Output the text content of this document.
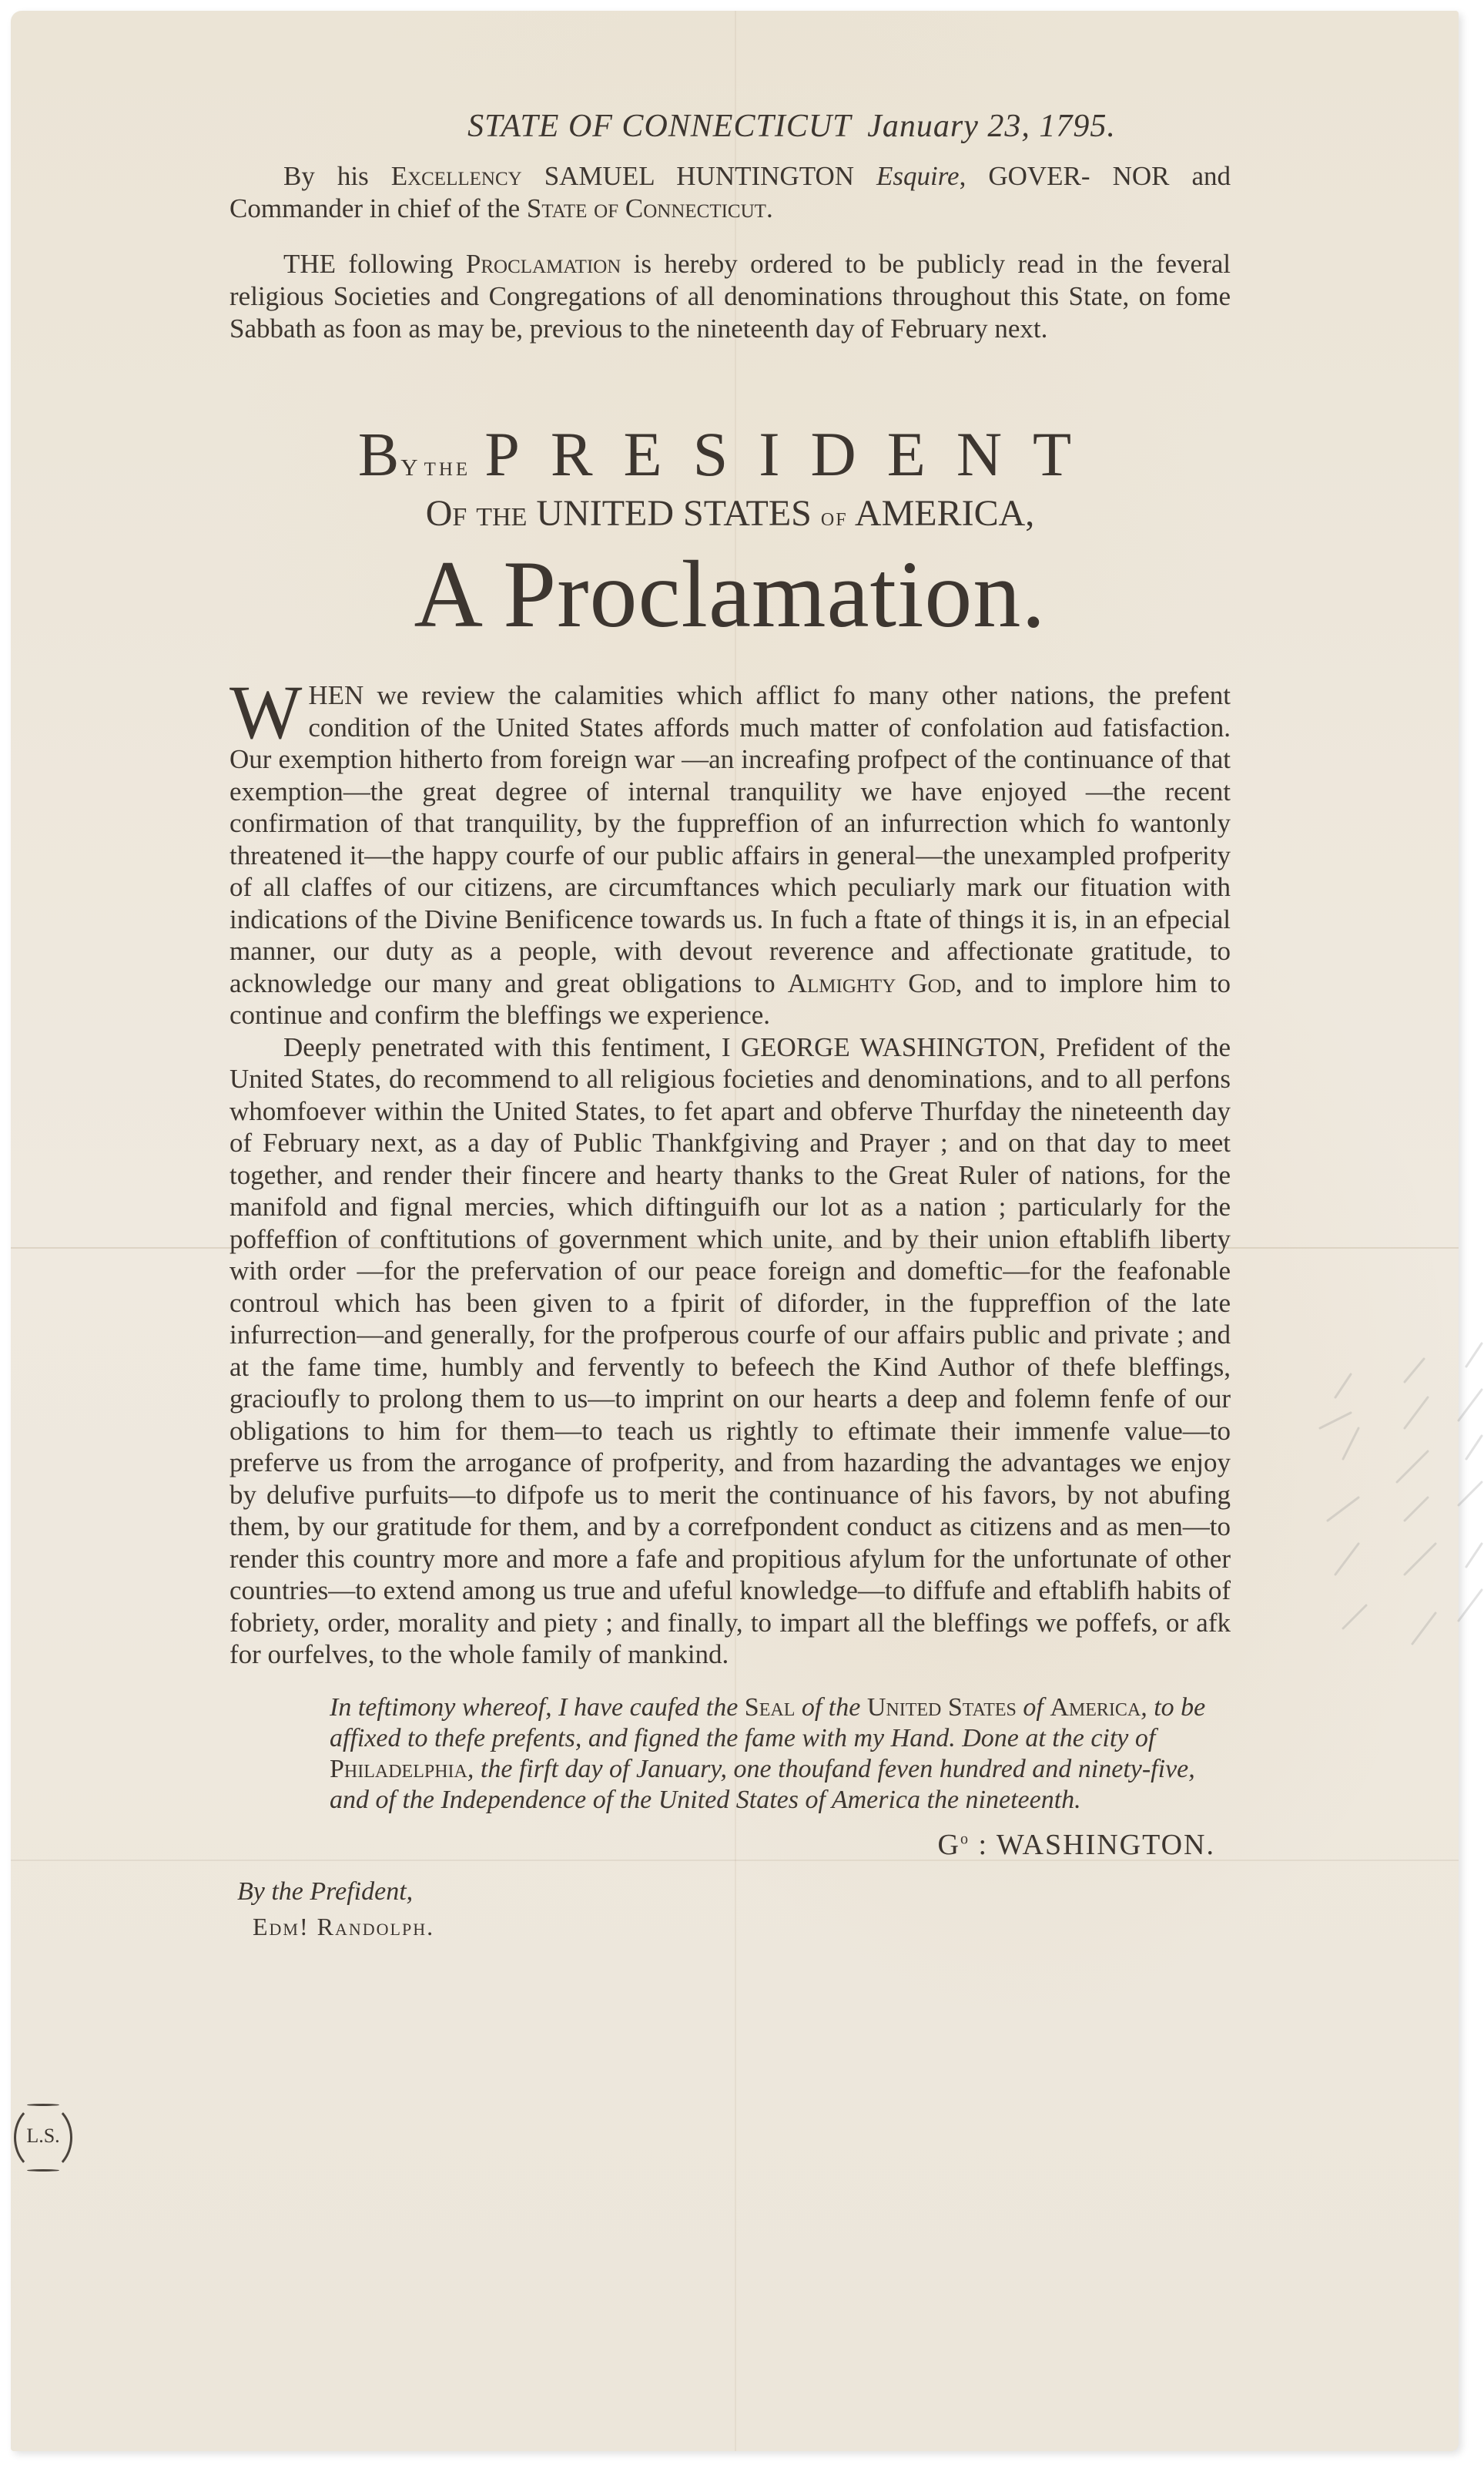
STATE OF CONNECTICUT January 23, 1795.
By his Excellency SAMUEL HUNTINGTON Esquire, GOVER- NOR and Commander in chief of the State of Connecticut.
THE following Proclamation is hereby ordered to be publicly read in the feveral religious Societies and Congregations of all denominations throughout this State, on fome Sabbath as foon as may be, previous to the nineteenth day of February next.
By the PRESIDENT
Of the UNITED STATES of AMERICA,
A Proclamation.
W HEN we review the calamities which afflict fo many other nations, the prefent condition of the United States affords much matter of confolation aud fatisfaction. Our exemption hitherto from foreign war —an increafing profpect of the continuance of that exemption—the great degree of internal tranquility we have enjoyed —the recent confirmation of that tranquility, by the fuppreffion of an infurrection which fo wantonly threatened it—the happy courfe of our public affairs in general—the unexampled profperity of all claffes of our citizens, are circumftances which peculiarly mark our fituation with indications of the Divine Benificence towards us. In fuch a ftate of things it is, in an efpecial manner, our duty as a people, with devout reverence and affectionate gratitude, to acknowledge our many and great obligations to Almighty God, and to implore him to continue and confirm the bleffings we experience.
Deeply penetrated with this fentiment, I GEORGE WASHINGTON, Prefident of the United States, do recommend to all religious focieties and denominations, and to all perfons whomfoever within the United States, to fet apart and obferve Thurfday the nineteenth day of February next, as a day of Public Thankfgiving and Prayer ; and on that day to meet together, and render their fincere and hearty thanks to the Great Ruler of nations, for the manifold and fignal mercies, which diftinguifh our lot as a nation ; particularly for the poffeffion of conftitutions of government which unite, and by their union eftablifh liberty with order —for the prefervation of our peace foreign and domeftic—for the feafonable controul which has been given to a fpirit of diforder, in the fuppreffion of the late infurrection—and generally, for the profperous courfe of our affairs public and private ; and at the fame time, humbly and fervently to befeech the Kind Author of thefe bleffings, gracioufly to prolong them to us—to imprint on our hearts a deep and folemn fenfe of our obligations to him for them—to teach us rightly to eftimate their immenfe value—to preferve us from the arrogance of profperity, and from hazarding the advantages we enjoy by delufive purfuits—to difpofe us to merit the continuance of his favors, by not abufing them, by our gratitude for them, and by a correfpondent conduct as citizens and as men—to render this country more and more a fafe and propitious afylum for the unfortunate of other countries—to extend among us true and ufeful knowledge—to diffufe and eftablifh habits of fobriety, order, morality and piety ; and finally, to impart all the bleffings we poffefs, or afk for ourfelves, to the whole family of mankind.
In teftimony whereof, I have caufed the Seal of the United States of America, to be affixed to thefe prefents, and figned the fame with my Hand. Done at the city of Philadelphia, the firft day of January, one thoufand feven hundred and ninety-five, and of the Independence of the United States of America the nineteenth.
$G^o$ : WASHINGTON.
By the Prefident,
Edm! Randolph.
L.S.
